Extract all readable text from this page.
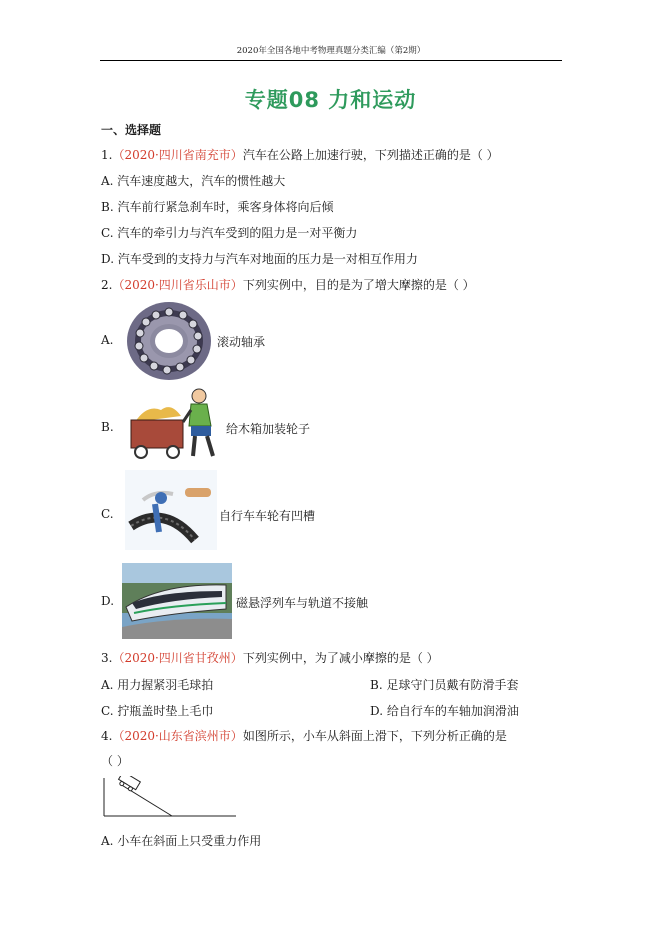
2020年全国各地中考物理真题分类汇编（第2期）
专题08 力和运动
一、选择题
1.（2020·四川省南充市）汽车在公路上加速行驶，下列描述正确的是（ ）
A. 汽车速度越大，汽车的惯性越大
B. 汽车前行紧急刹车时，乘客身体将向后倾
C. 汽车的牵引力与汽车受到的阻力是一对平衡力
D. 汽车受到的支持力与汽车对地面的压力是一对相互作用力
2.（2020·四川省乐山市）下列实例中，目的是为了增大摩擦的是（ ）
A.	滚动轴承
B.	给木箱加装轮子
C.	自行车车轮有凹槽
D.	磁悬浮列车与轨道不接触
3.（2020·四川省甘孜州）下列实例中，为了减小摩擦的是（ ）
A. 用力握紧羽毛球拍	B. 足球守门员戴有防滑手套
C. 拧瓶盖时垫上毛巾	D. 给自行车的车轴加润滑油
4.（2020·山东省滨州市）如图所示，小车从斜面上滑下，下列分析正确的是
（ ）
A. 小车在斜面上只受重力作用
